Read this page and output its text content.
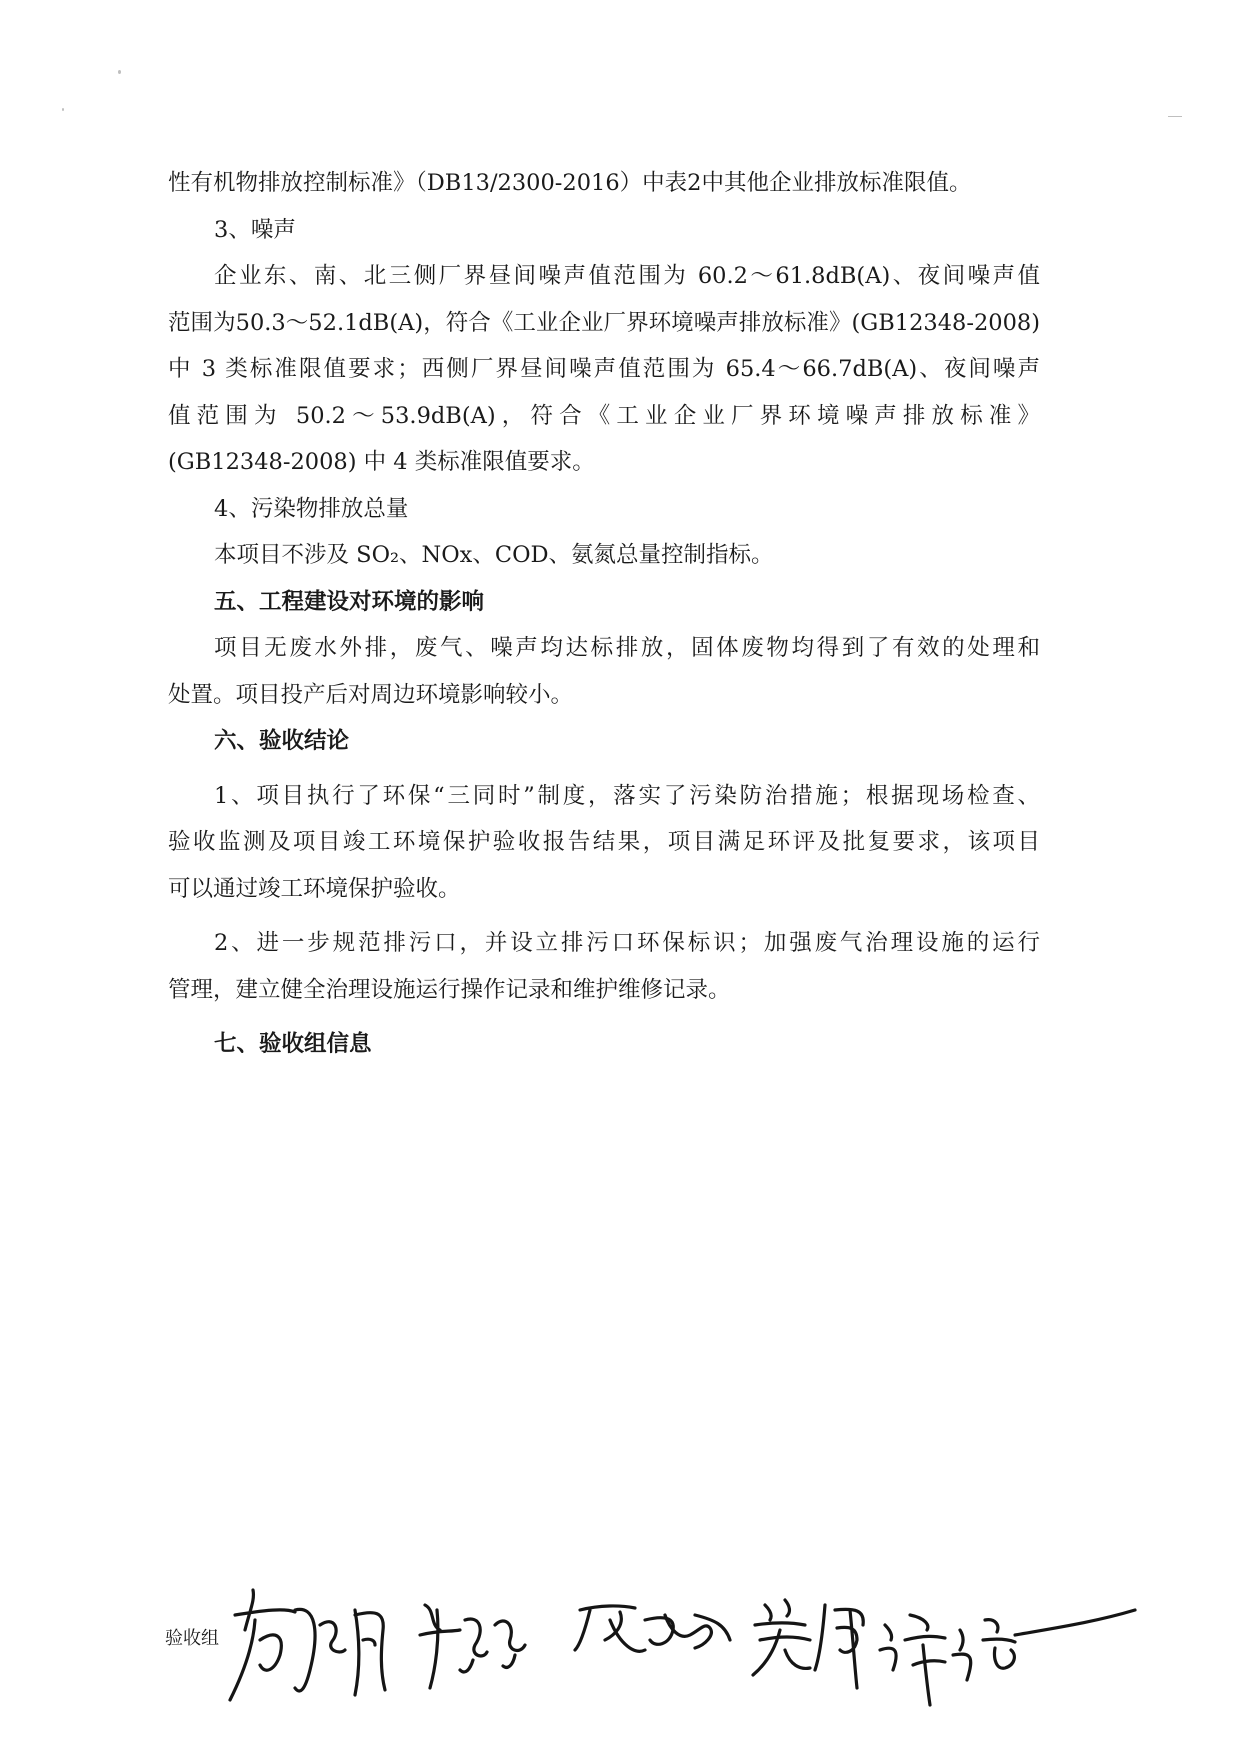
性有机物排放控制标准》（DB13/2300-2016）中表2中其他企业排放标准限值。
3、噪声
企业东、南、北三侧厂界昼间噪声值范围为 60.2～61.8dB(A)、夜间噪声值
范围为50.3～52.1dB(A)，符合《工业企业厂界环境噪声排放标准》(GB12348-2008)
中 3 类标准限值要求；西侧厂界昼间噪声值范围为 65.4～66.7dB(A)、夜间噪声
值范围为 50.2～53.9dB(A)，符合《工业企业厂界环境噪声排放标准》
(GB12348-2008) 中 4 类标准限值要求。
4、污染物排放总量
本项目不涉及 SO₂、NOx、COD、氨氮总量控制指标。
五、工程建设对环境的影响
项目无废水外排，废气、噪声均达标排放，固体废物均得到了有效的处理和
处置。项目投产后对周边环境影响较小。
六、验收结论
1、项目执行了环保“三同时”制度，落实了污染防治措施；根据现场检查、
验收监测及项目竣工环境保护验收报告结果，项目满足环评及批复要求，该项目
可以通过竣工环境保护验收。
2、进一步规范排污口，并设立排污口环保标识；加强废气治理设施的运行
管理，建立健全治理设施运行操作记录和维护维修记录。
七、验收组信息
验收组
